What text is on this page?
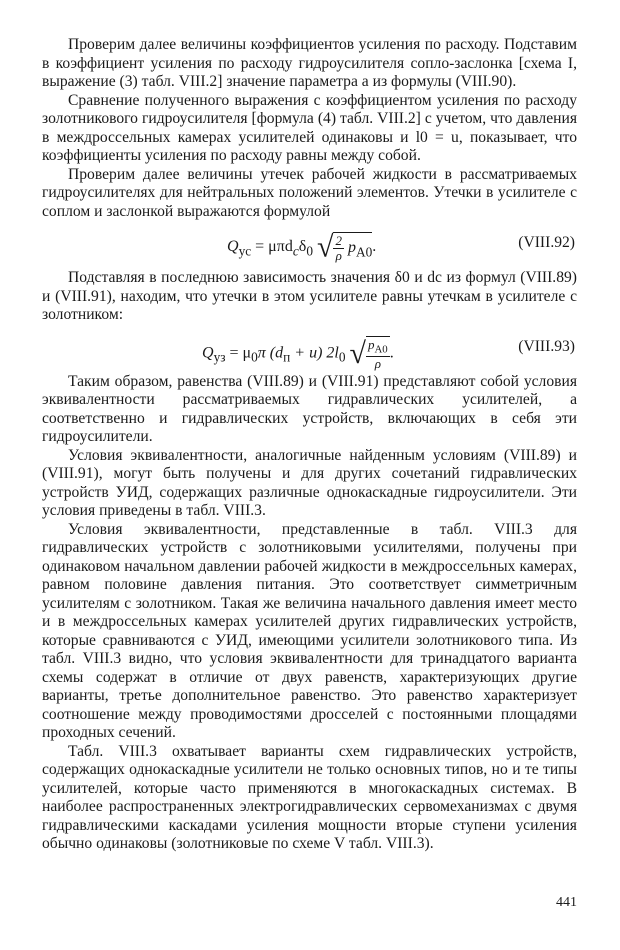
Проверим далее величины коэффициентов усиления по расходу. Подставим в коэффициент усиления по расходу гидроусилителя сопло-заслонка [схема I, выражение (3) табл. VIII.2] значение параметра a из формулы (VIII.90).

Сравнение полученного выражения с коэффициентом усиления по расходу золотникового гидроусилителя [формула (4) табл. VIII.2] с учетом, что давления в междроссельных камерах усилителей одинаковы и l0 = u, показывает, что коэффициенты усиления по расходу равны между собой.

Проверим далее величины утечек рабочей жидкости в рассматриваемых гидроусилителях для нейтральных положений элементов. Утечки в усилителе с соплом и заслонкой выражаются формулой

$Q_{ус} = \mu\pi d_c\delta_0$ √ $\frac{2}{\rho} p_{A0}$.	(VIII.92)

Подставляя в последнюю зависимость значения δ0 и dc из формул (VIII.89) и (VIII.91), находим, что утечки в этом усилителе равны утечкам в усилителе с золотником:

$Q_{уз} = \mu_0\pi$ $(d_п + u)$ $2l_0$ √ $\frac{p_{A0}}{\rho}$ .	(VIII.93)

Таким образом, равенства (VIII.89) и (VIII.91) представляют собой условия эквивалентности рассматриваемых гидравлических усилителей, а соответственно и гидравлических устройств, включающих в себя эти гидроусилители.

Условия эквивалентности, аналогичные найденным условиям (VIII.89) и (VIII.91), могут быть получены и для других сочетаний гидравлических устройств УИД, содержащих различные однокаскадные гидроусилители. Эти условия приведены в табл. VIII.3.

Условия эквивалентности, представленные в табл. VIII.3 для гидравлических устройств с золотниковыми усилителями, получены при одинаковом начальном давлении рабочей жидкости в междроссельных камерах, равном половине давления питания. Это соответствует симметричным усилителям с золотником. Такая же величина начального давления имеет место и в междроссельных камерах усилителей других гидравлических устройств, которые сравниваются с УИД, имеющими усилители золотникового типа. Из табл. VIII.3 видно, что условия эквивалентности для тринадцатого варианта схемы содержат в отличие от двух равенств, характеризующих другие варианты, третье дополнительное равенство. Это равенство характеризует соотношение между проводимостями дросселей с постоянными площадями проходных сечений.

Табл. VIII.3 охватывает варианты схем гидравлических устройств, содержащих однокаскадные усилители не только основных типов, но и те типы усилителей, которые часто применяются в многокаскадных системах. В наиболее распространенных электрогидравлических сервомеханизмах с двумя гидравлическими каскадами усиления мощности вторые ступени усиления обычно одинаковы (золотниковые по схеме V табл. VIII.3).

441
